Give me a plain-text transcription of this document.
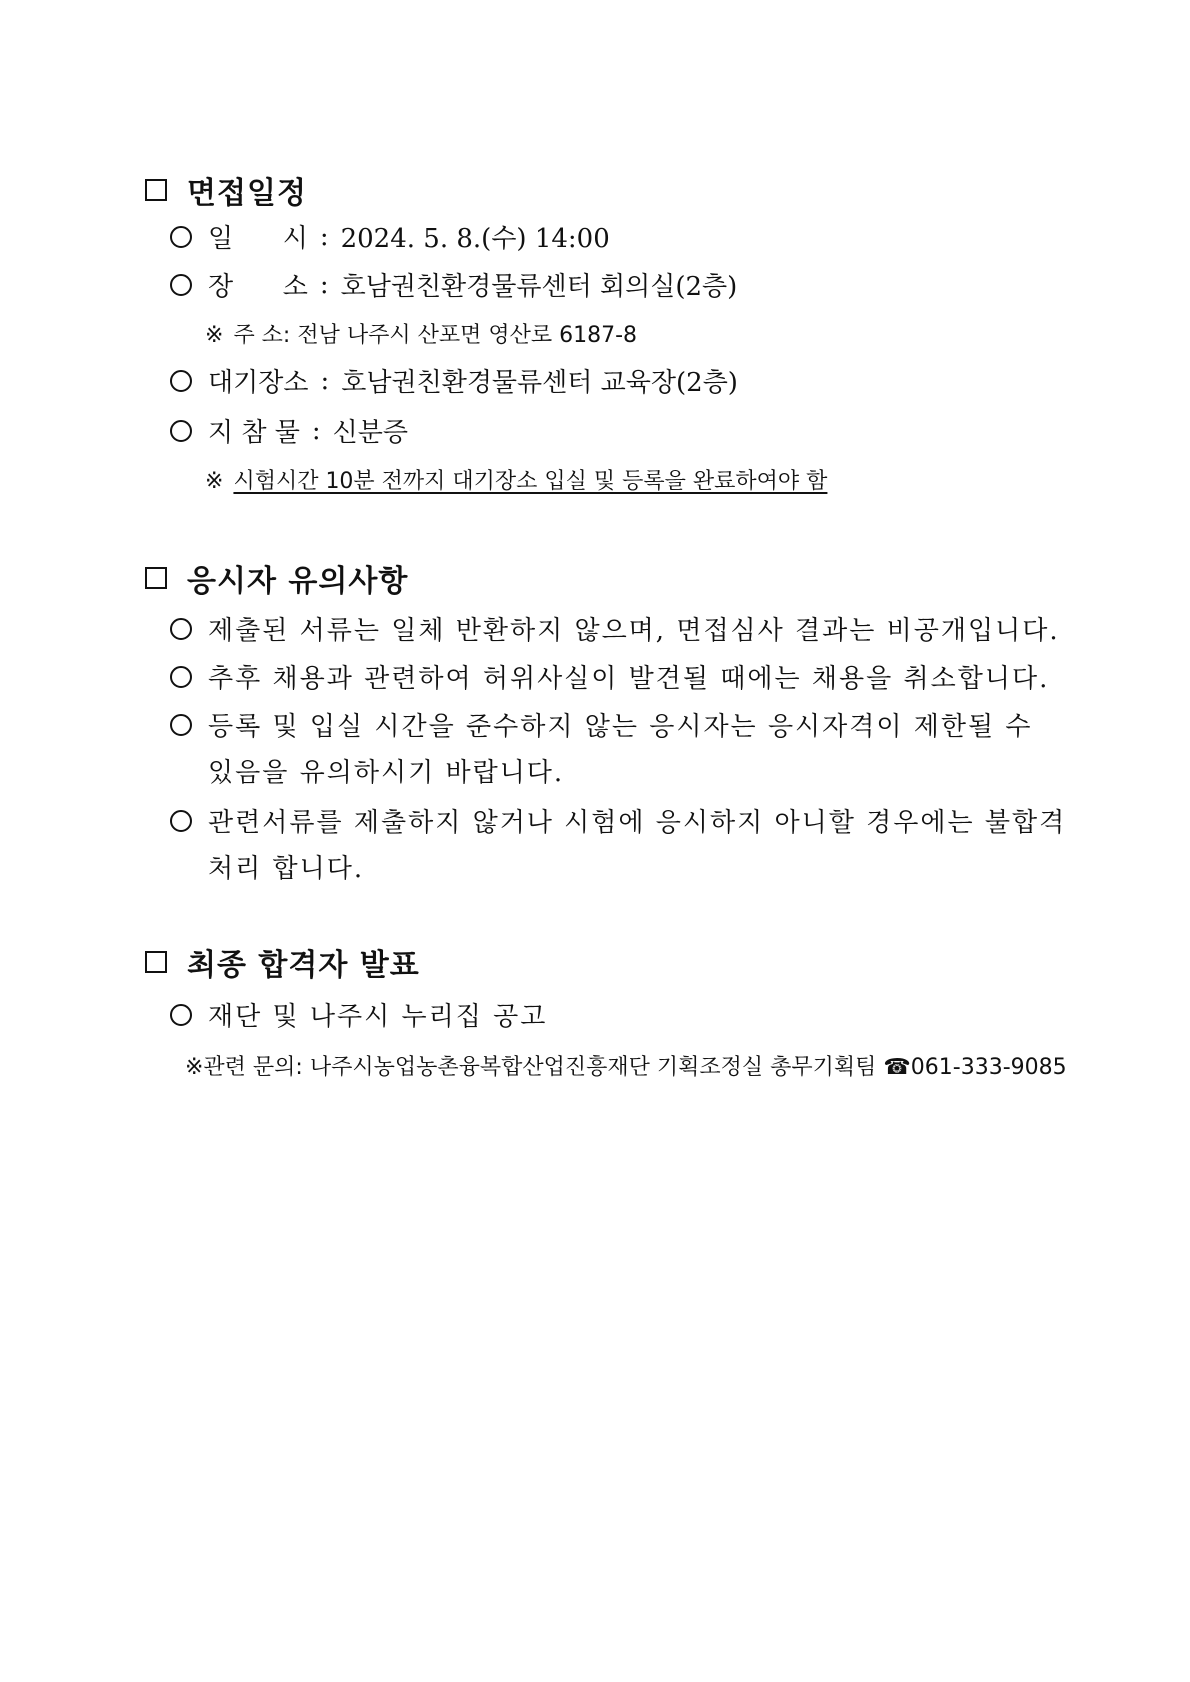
면접일정
일      시 : 2024. 5. 8.(수) 14:00
장      소 : 호남권친환경물류센터 회의실(2층)
※ 주 소: 전남 나주시 산포면 영산로 6187-8
대기장소 : 호남권친환경물류센터 교육장(2층)
지 참 물 : 신분증
※ 시험시간 10분 전까지 대기장소 입실 및 등록을 완료하여야 함
응시자 유의사항
제출된 서류는 일체 반환하지 않으며, 면접심사 결과는 비공개입니다.
추후 채용과 관련하여 허위사실이 발견될 때에는 채용을 취소합니다.
등록 및 입실 시간을 준수하지 않는 응시자는 응시자격이 제한될 수
있음을 유의하시기 바랍니다.
관련서류를 제출하지 않거나 시험에 응시하지 아니할 경우에는 불합격
처리 합니다.
최종 합격자 발표
재단 및 나주시 누리집 공고
※관련 문의: 나주시농업농촌융복합산업진흥재단 기획조정실 총무기획팀 ☎061-333-9085
